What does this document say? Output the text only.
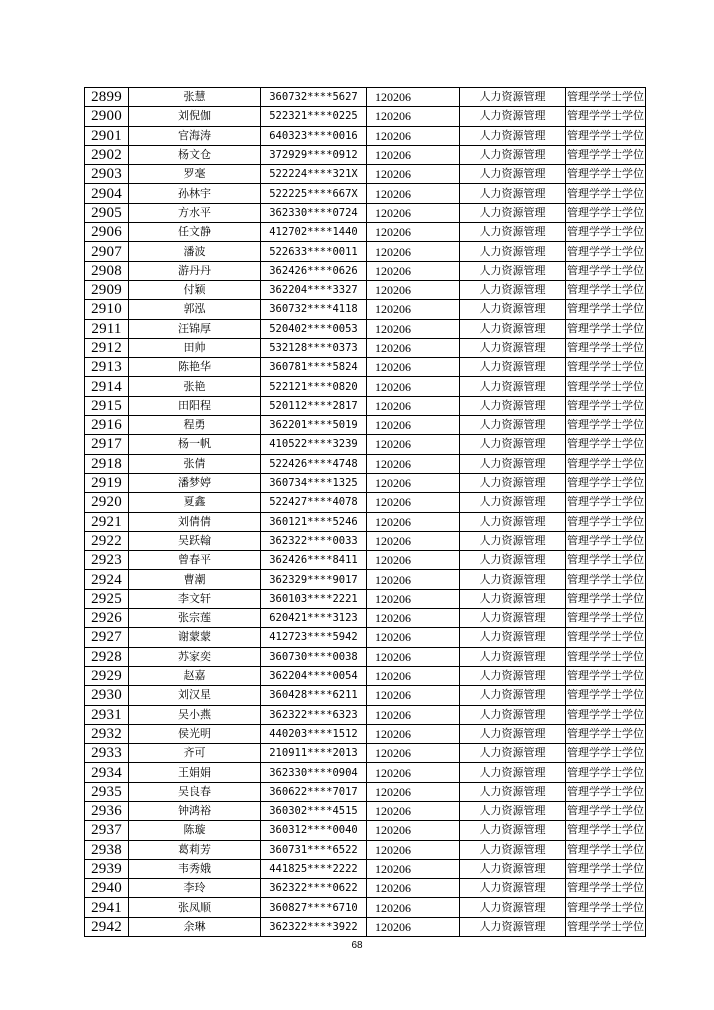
2899	张慧	360732****5627	120206	人力资源管理	管理学学士学位
2900	刘倪伽	522321****0225	120206	人力资源管理	管理学学士学位
2901	官海涛	640323****0016	120206	人力资源管理	管理学学士学位
2902	杨文仓	372929****0912	120206	人力资源管理	管理学学士学位
2903	罗毫	522224****321X	120206	人力资源管理	管理学学士学位
2904	孙林宇	522225****667X	120206	人力资源管理	管理学学士学位
2905	方水平	362330****0724	120206	人力资源管理	管理学学士学位
2906	任文静	412702****1440	120206	人力资源管理	管理学学士学位
2907	潘波	522633****0011	120206	人力资源管理	管理学学士学位
2908	游丹丹	362426****0626	120206	人力资源管理	管理学学士学位
2909	付颖	362204****3327	120206	人力资源管理	管理学学士学位
2910	郭泓	360732****4118	120206	人力资源管理	管理学学士学位
2911	汪锦厚	520402****0053	120206	人力资源管理	管理学学士学位
2912	田帅	532128****0373	120206	人力资源管理	管理学学士学位
2913	陈艳华	360781****5824	120206	人力资源管理	管理学学士学位
2914	张艳	522121****0820	120206	人力资源管理	管理学学士学位
2915	田阳程	520112****2817	120206	人力资源管理	管理学学士学位
2916	程勇	362201****5019	120206	人力资源管理	管理学学士学位
2917	杨一帆	410522****3239	120206	人力资源管理	管理学学士学位
2918	张倩	522426****4748	120206	人力资源管理	管理学学士学位
2919	潘梦婷	360734****1325	120206	人力资源管理	管理学学士学位
2920	夏鑫	522427****4078	120206	人力资源管理	管理学学士学位
2921	刘倩倩	360121****5246	120206	人力资源管理	管理学学士学位
2922	吴跃翰	362322****0033	120206	人力资源管理	管理学学士学位
2923	曾春平	362426****8411	120206	人力资源管理	管理学学士学位
2924	曹潮	362329****9017	120206	人力资源管理	管理学学士学位
2925	李文轩	360103****2221	120206	人力资源管理	管理学学士学位
2926	张宗莲	620421****3123	120206	人力资源管理	管理学学士学位
2927	谢蒙蒙	412723****5942	120206	人力资源管理	管理学学士学位
2928	苏家奕	360730****0038	120206	人力资源管理	管理学学士学位
2929	赵嘉	362204****0054	120206	人力资源管理	管理学学士学位
2930	刘汉星	360428****6211	120206	人力资源管理	管理学学士学位
2931	吴小燕	362322****6323	120206	人力资源管理	管理学学士学位
2932	侯光明	440203****1512	120206	人力资源管理	管理学学士学位
2933	齐可	210911****2013	120206	人力资源管理	管理学学士学位
2934	王娟娟	362330****0904	120206	人力资源管理	管理学学士学位
2935	吴良春	360622****7017	120206	人力资源管理	管理学学士学位
2936	钟鸿裕	360302****4515	120206	人力资源管理	管理学学士学位
2937	陈璇	360312****0040	120206	人力资源管理	管理学学士学位
2938	葛莉芳	360731****6522	120206	人力资源管理	管理学学士学位
2939	韦秀娥	441825****2222	120206	人力资源管理	管理学学士学位
2940	李玲	362322****0622	120206	人力资源管理	管理学学士学位
2941	张凤顺	360827****6710	120206	人力资源管理	管理学学士学位
2942	余琳	362322****3922	120206	人力资源管理	管理学学士学位
68
